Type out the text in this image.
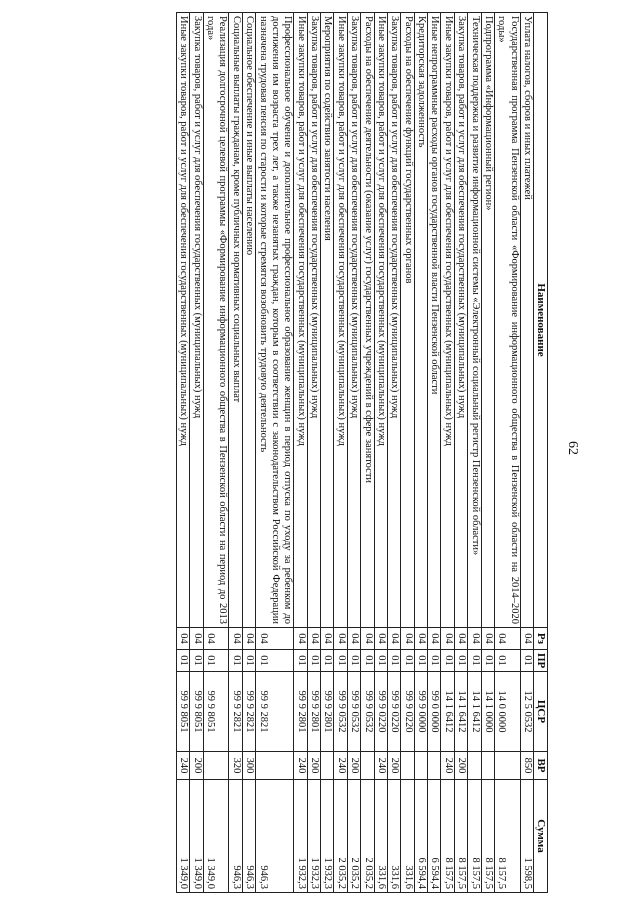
62
Наименование	Рз	ПР	ЦСР	ВР	Сумма
Уплата налогов, сборов и иных платежей	04	01	12 5 0532	850	1 598,5
Государственная программа Пензенской области «Формирование информационного общества в Пензенской области на 2014–2020 годы»	04	01	14 0 0000		8 157,5
Подпрограмма «Информационный регион»	04	01	14 1 0000		8 157,5
Техническая поддержка и развитие информационной системы «Электронный социальный регистр Пензенской области»	04	01	14 1 6412		8 157,5
Закупка товаров, работ и услуг для обеспечения государственных (муниципальных) нужд	04	01	14 1 6412	200	8 157,5
Иные закупки товаров, работ и услуг для обеспечения государственных (муниципальных) нужд	04	01	14 1 6412	240	8 157,5
Иные непрограммные расходы органов государственной власти Пензенской области	04	01	99 0 0000		6 594,4
Кредиторская задолженность	04	01	99 9 0000		6 594,4
Расходы на обеспечение функций государственных органов	04	01	99 9 0220		331,6
Закупка товаров, работ и услуг для обеспечения государственных (муниципальных) нужд	04	01	99 9 0220	200	331,6
Иные закупки товаров, работ и услуг для обеспечения государственных (муниципальных) нужд	04	01	99 9 0220	240	331,6
Расходы на обеспечение деятельности (оказание услуг) государственных учреждений в сфере занятости	04	01	99 9 0532		2 035,2
Закупка товаров, работ и услуг для обеспечения государственных (муниципальных) нужд	04	01	99 9 0532	200	2 035,2
Иные закупки товаров, работ и услуг для обеспечения государственных (муниципальных) нужд	04	01	99 9 0532	240	2 035,2
Мероприятия по содействию занятости населения	04	01	99 9 2801		1 932,3
Закупка товаров, работ и услуг для обеспечения государственных (муниципальных) нужд	04	01	99 9 2801	200	1 932,3
Иные закупки товаров, работ и услуг для обеспечения государственных (муниципальных) нужд	04	01	99 9 2801	240	1 932,3
Профессиональное обучение и дополнительное профессиональное образование женщин в период отпуска по уходу за ребенком до достижения им возраста трех лет, а также незанятых граждан, которым в соответствии с законодательством Российской Федерации назначена трудовая пенсия по старости и которые стремятся возобновить трудовую деятельность	04	01	99 9 2821		946,3
Социальное обеспечение и иные выплаты населению	04	01	99 9 2821	300	946,3
Социальные выплаты гражданам, кроме публичных нормативных социальных выплат	04	01	99 9 2821	320	946,3
Реализация долгосрочной целевой программы «Формирование информационного общества в Пензенской области на период до 2013 года»	04	01	99 9 8051		1 349,0
Закупка товаров, работ и услуг для обеспечения государственных (муниципальных) нужд	04	01	99 9 8051	200	1 349,0
Иные закупки товаров, работ и услуг для обеспечения государственных (муниципальных) нужд	04	01	99 9 8051	240	1 349,0
